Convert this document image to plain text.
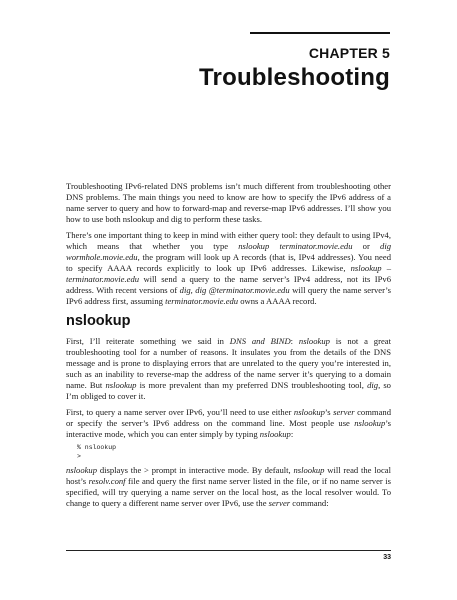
CHAPTER 5
Troubleshooting

Troubleshooting IPv6-related DNS problems isn’t much different from troubleshooting other DNS problems. The main things you need to know are how to specify the IPv6 address of a name server to query and how to forward-map and reverse-map IPv6 addresses. I’ll show you how to use both nslookup and dig to perform these tasks.

There’s one important thing to keep in mind with either query tool: they default to using IPv4, which means that whether you type nslookup terminator.movie.edu or dig wormhole.movie.edu, the program will look up A records (that is, IPv4 addresses). You need to specify AAAA records explicitly to look up IPv6 addresses. Likewise, nslookup – terminator.movie.edu will send a query to the name server’s IPv4 address, not its IPv6 address. With recent versions of dig, dig @terminator.movie.edu will query the name server’s IPv6 address first, assuming terminator.movie.edu owns a AAAA record.

nslookup

First, I’ll reiterate something we said in DNS and BIND: nslookup is not a great troubleshooting tool for a number of reasons. It insulates you from the details of the DNS message and is prone to displaying errors that are unrelated to the query you’re interested in, such as an inability to reverse-map the address of the name server it’s querying to a domain name. But nslookup is more prevalent than my preferred DNS troubleshooting tool, dig, so I’m obliged to cover it.

First, to query a name server over IPv6, you’ll need to use either nslookup’s server command or specify the server’s IPv6 address on the command line. Most people use nslookup’s interactive mode, which you can enter simply by typing nslookup:

% nslookup
>

nslookup displays the > prompt in interactive mode. By default, nslookup will read the local host’s resolv.conf file and query the first name server listed in the file, or if no name server is specified, will try querying a name server on the local host, as the local resolver would. To change to query a different name server over IPv6, use the server command:

33
